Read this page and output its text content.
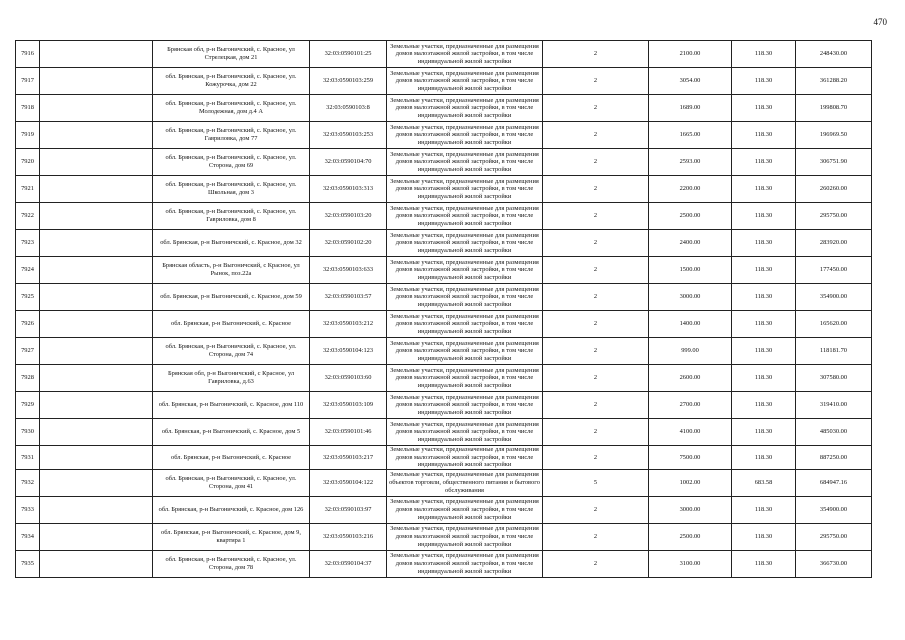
470
7916		Брянская обл, р-н Выгоничский, с. Красное, ул Стрелецкая, дом 21	32:03:0590101:25	Земельные участки, предназначенные для размещения домов малоэтажной жилой застройки, в том числе индивидуальной жилой застройки	2	2100.00	118.30	248430.00
7917		обл. Брянская, р-н Выгоничский, с. Красное, ул. Кожурочка, дом 22	32:03:0590103:259	Земельные участки, предназначенные для размещения домов малоэтажной жилой застройки, в том числе индивидуальной жилой застройки	2	3054.00	118.30	361288.20
7918		обл. Брянская, р-н Выгоничский, с. Красное, ул. Молодежная, дом д.4 А	32:03:0590103:8	Земельные участки, предназначенные для размещения домов малоэтажной жилой застройки, в том числе индивидуальной жилой застройки	2	1689.00	118.30	199808.70
7919		обл. Брянская, р-н Выгоничский, с. Красное, ул. Гавриловка, дом 77	32:03:0590103:253	Земельные участки, предназначенные для размещения домов малоэтажной жилой застройки, в том числе индивидуальной жилой застройки	2	1665.00	118.30	196969.50
7920		обл. Брянская, р-н Выгоничский, с. Красное, ул. Сторона, дом 69	32:03:0590104:70	Земельные участки, предназначенные для размещения домов малоэтажной жилой застройки, в том числе индивидуальной жилой застройки	2	2593.00	118.30	306751.90
7921		обл. Брянская, р-н Выгоничский, с. Красное, ул. Школьная, дом 3	32:03:0590103:313	Земельные участки, предназначенные для размещения домов малоэтажной жилой застройки, в том числе индивидуальной жилой застройки	2	2200.00	118.30	260260.00
7922		обл. Брянская, р-н Выгоничский, с. Красное, ул. Гавриловка, дом 8	32:03:0590103:20	Земельные участки, предназначенные для размещения домов малоэтажной жилой застройки, в том числе индивидуальной жилой застройки	2	2500.00	118.30	295750.00
7923		обл. Брянская, р-н Выгоничский, с. Красное, дом 32	32:03:0590102:20	Земельные участки, предназначенные для размещения домов малоэтажной жилой застройки, в том числе индивидуальной жилой застройки	2	2400.00	118.30	283920.00
7924		Брянская область, р-н Выгоничский, с Красное, ул Рынок, поз.22а	32:03:0590103:633	Земельные участки, предназначенные для размещения домов малоэтажной жилой застройки, в том числе индивидуальной жилой застройки	2	1500.00	118.30	177450.00
7925		обл. Брянская, р-н Выгоничский, с. Красное, дом 59	32:03:0590103:57	Земельные участки, предназначенные для размещения домов малоэтажной жилой застройки, в том числе индивидуальной жилой застройки	2	3000.00	118.30	354900.00
7926		обл. Брянская, р-н Выгоничский, с. Красное	32:03:0590103:212	Земельные участки, предназначенные для размещения домов малоэтажной жилой застройки, в том числе индивидуальной жилой застройки	2	1400.00	118.30	165620.00
7927		обл. Брянская, р-н Выгоничский, с. Красное, ул. Сторона, дом 74	32:03:0590104:123	Земельные участки, предназначенные для размещения домов малоэтажной жилой застройки, в том числе индивидуальной жилой застройки	2	999.00	118.30	118181.70
7928		Брянская обл, р-н Выгоничский, с Красное, ул Гавриловка, д.63	32:03:0590103:60	Земельные участки, предназначенные для размещения домов малоэтажной жилой застройки, в том числе индивидуальной жилой застройки	2	2600.00	118.30	307580.00
7929		обл. Брянская, р-н Выгоничский, с. Красное, дом 110	32:03:0590103:109	Земельные участки, предназначенные для размещения домов малоэтажной жилой застройки, в том числе индивидуальной жилой застройки	2	2700.00	118.30	319410.00
7930		обл. Брянская, р-н Выгоничский, с. Красное, дом 5	32:03:0590101:46	Земельные участки, предназначенные для размещения домов малоэтажной жилой застройки, в том числе индивидуальной жилой застройки	2	4100.00	118.30	485030.00
7931		обл. Брянская, р-н Выгоничский, с. Красное	32:03:0590103:217	Земельные участки, предназначенные для размещения домов малоэтажной жилой застройки, в том числе индивидуальной жилой застройки	2	7500.00	118.30	887250.00
7932		обл. Брянская, р-н Выгоничский, с. Красное, ул. Сторона, дом 41	32:03:0590104:122	Земельные участки, предназначенные для размещения объектов торговли, общественного питания и бытового обслуживания	5	1002.00	683.58	684947.16
7933		обл. Брянская, р-н Выгоничский, с. Красное, дом 126	32:03:0590103:97	Земельные участки, предназначенные для размещения домов малоэтажной жилой застройки, в том числе индивидуальной жилой застройки	2	3000.00	118.30	354900.00
7934		обл. Брянская, р-н Выгоничский, с. Красное, дом 9, квартира 1	32:03:0590103:216	Земельные участки, предназначенные для размещения домов малоэтажной жилой застройки, в том числе индивидуальной жилой застройки	2	2500.00	118.30	295750.00
7935		обл. Брянская, р-н Выгоничский, с. Красное, ул. Сторона, дом 78	32:03:0590104:37	Земельные участки, предназначенные для размещения домов малоэтажной жилой застройки, в том числе индивидуальной жилой застройки	2	3100.00	118.30	366730.00
